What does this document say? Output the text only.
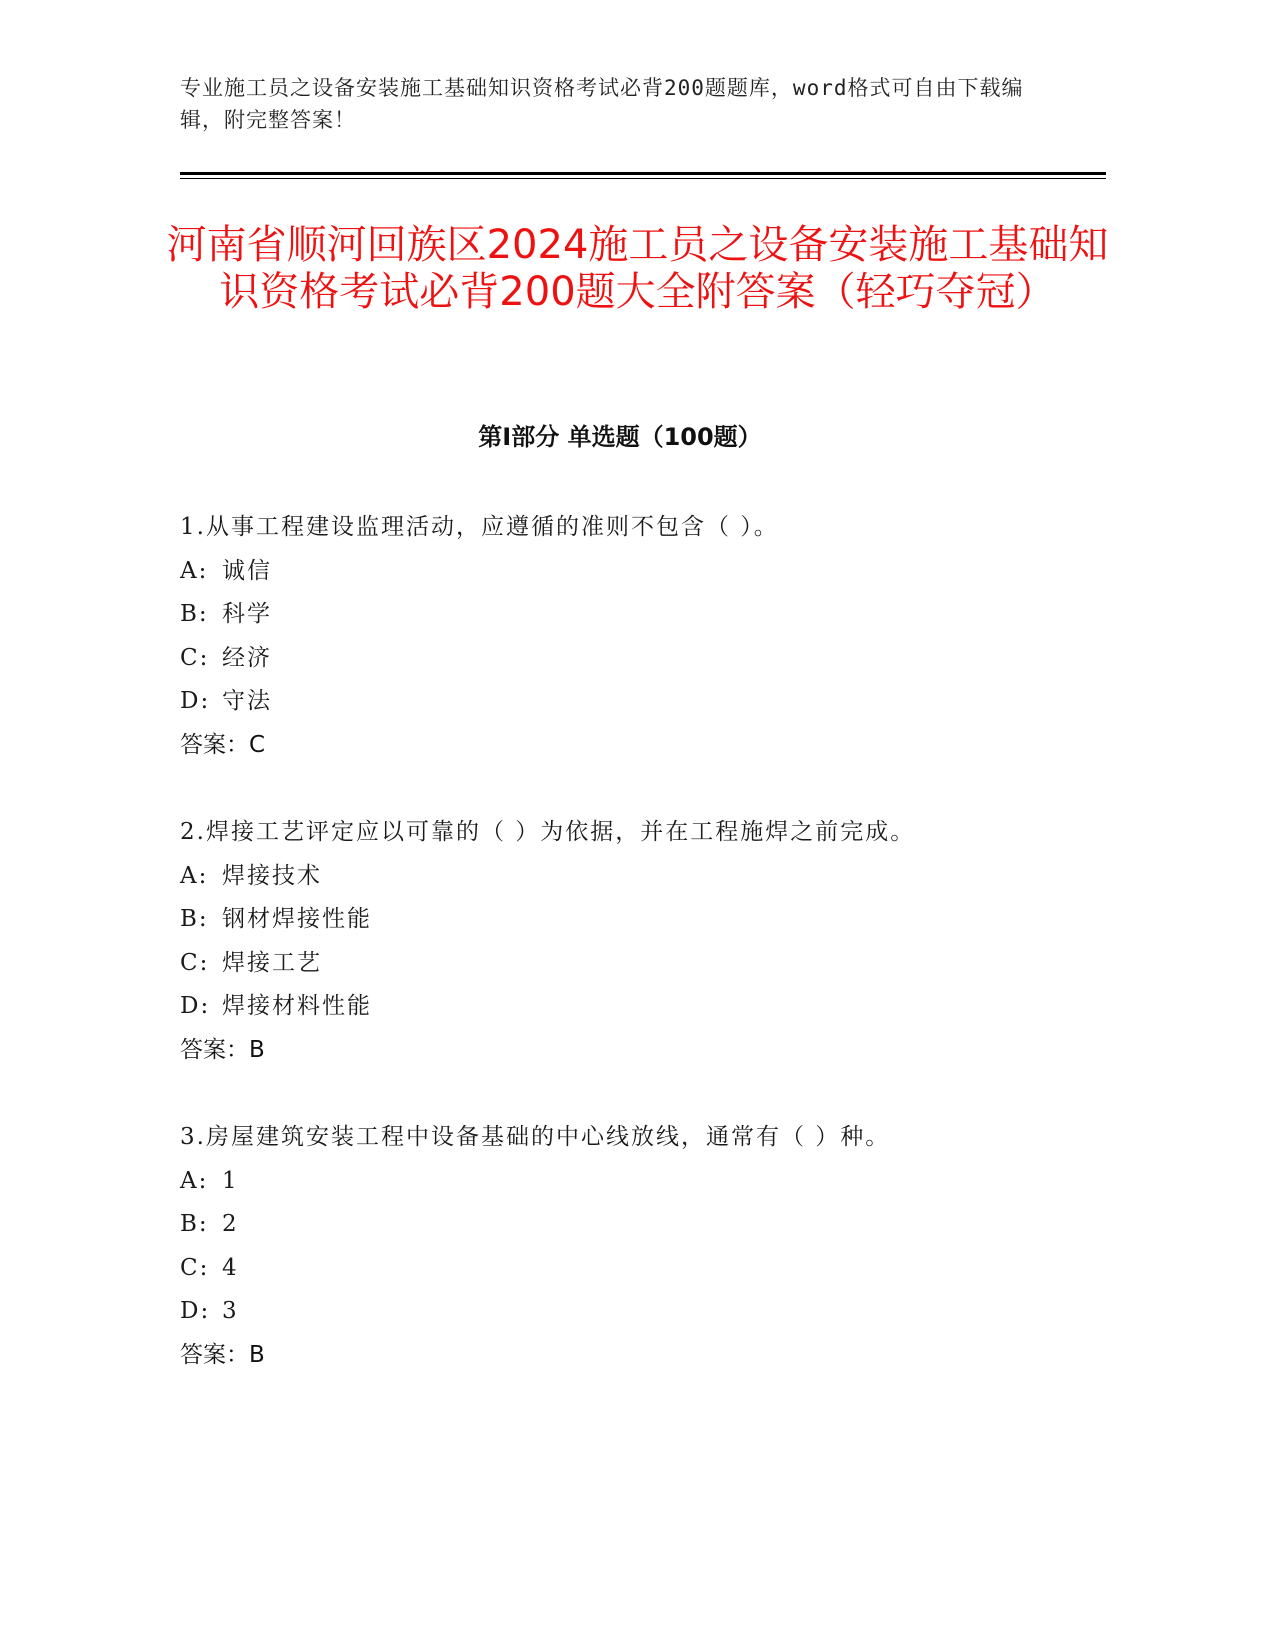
专业施工员之设备安装施工基础知识资格考试必背200题题库，word格式可自由下载编辑，附完整答案！
河南省顺河回族区2024施工员之设备安装施工基础知识资格考试必背200题大全附答案（轻巧夺冠）
第Ⅰ部分 单选题（100题）
1.从事工程建设监理活动，应遵循的准则不包含（ ）。
A: 诚信
B: 科学
C: 经济
D: 守法
答案：C
2.焊接工艺评定应以可靠的（ ）为依据，并在工程施焊之前完成。
A: 焊接技术
B: 钢材焊接性能
C: 焊接工艺
D: 焊接材料性能
答案：B
3.房屋建筑安装工程中设备基础的中心线放线，通常有（ ）种。
A: 1
B: 2
C: 4
D: 3
答案：B
